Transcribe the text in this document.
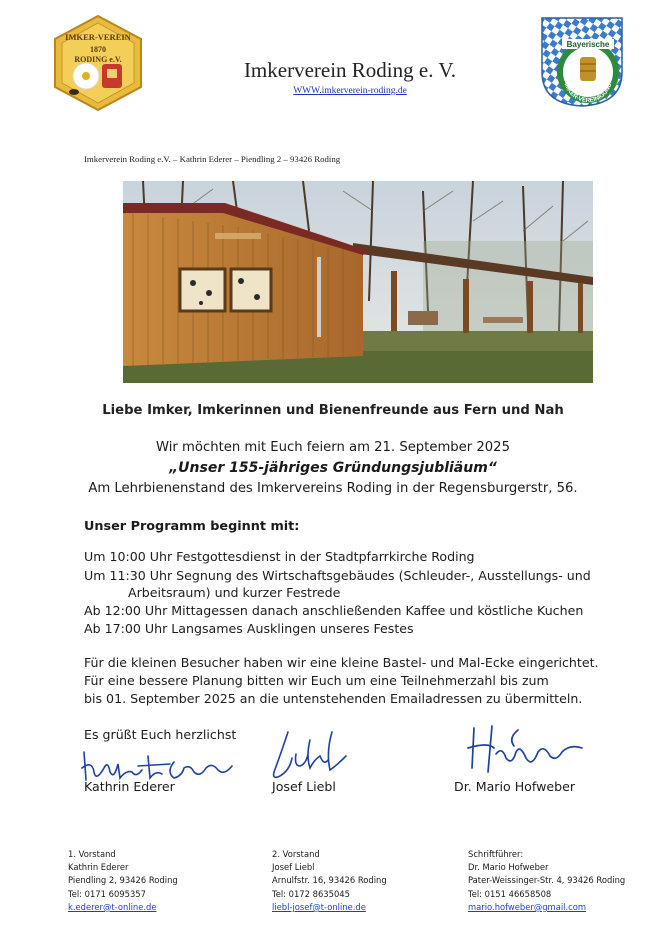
IMKER-VEREIN
1870
RODING e.V.	Imkerverein Roding e. V.
WWW.imkerverein-roding.de
Bayerische
IMKER-VEREINIGUNG
Imkerverein Roding e.V. – Kathrin Ederer – Piendling 2 – 93426 Roding
Liebe Imker, Imkerinnen und Bienenfreunde aus Fern und Nah
Wir möchten mit Euch feiern am 21. September 2025
„Unser 155-jähriges Gründungsjubliäum“
Am Lehrbienenstand des Imkervereins Roding in der Regensburgerstr, 56.
Unser Programm beginnt mit:
Um 10:00 Uhr Festgottesdienst in der Stadtpfarrkirche Roding
Um 11:30 Uhr Segnung des Wirtschaftsgebäudes (Schleuder-, Ausstellungs- und
Arbeitsraum) und kurzer Festrede
Ab 12:00 Uhr Mittagessen danach anschließenden Kaffee und köstliche Kuchen
Ab 17:00 Uhr Langsames Ausklingen unseres Festes
Für die kleinen Besucher haben wir eine kleine Bastel- und Mal-Ecke eingerichtet.
Für eine bessere Planung bitten wir Euch um eine Teilnehmerzahl bis zum
bis 01. September 2025 an die untenstehenden Emailadressen zu übermitteln.
Es grüßt Euch herzlichst
Kathrin Ederer	Josef Liebl	Dr. Mario Hofweber
1. Vorstand
Kathrin Ederer
Piendling 2, 93426 Roding
Tel: 0171 6095357
k.ederer@t-online.de
2. Vorstand
Josef Liebl
Arnulfstr. 16, 93426 Roding
Tel: 0172 8635045
liebl-josef@t-online.de
Schriftführer:
Dr. Mario Hofweber
Pater-Weissinger-Str. 4, 93426 Roding
Tel: 0151 46658508
mario.hofweber@gmail.com
